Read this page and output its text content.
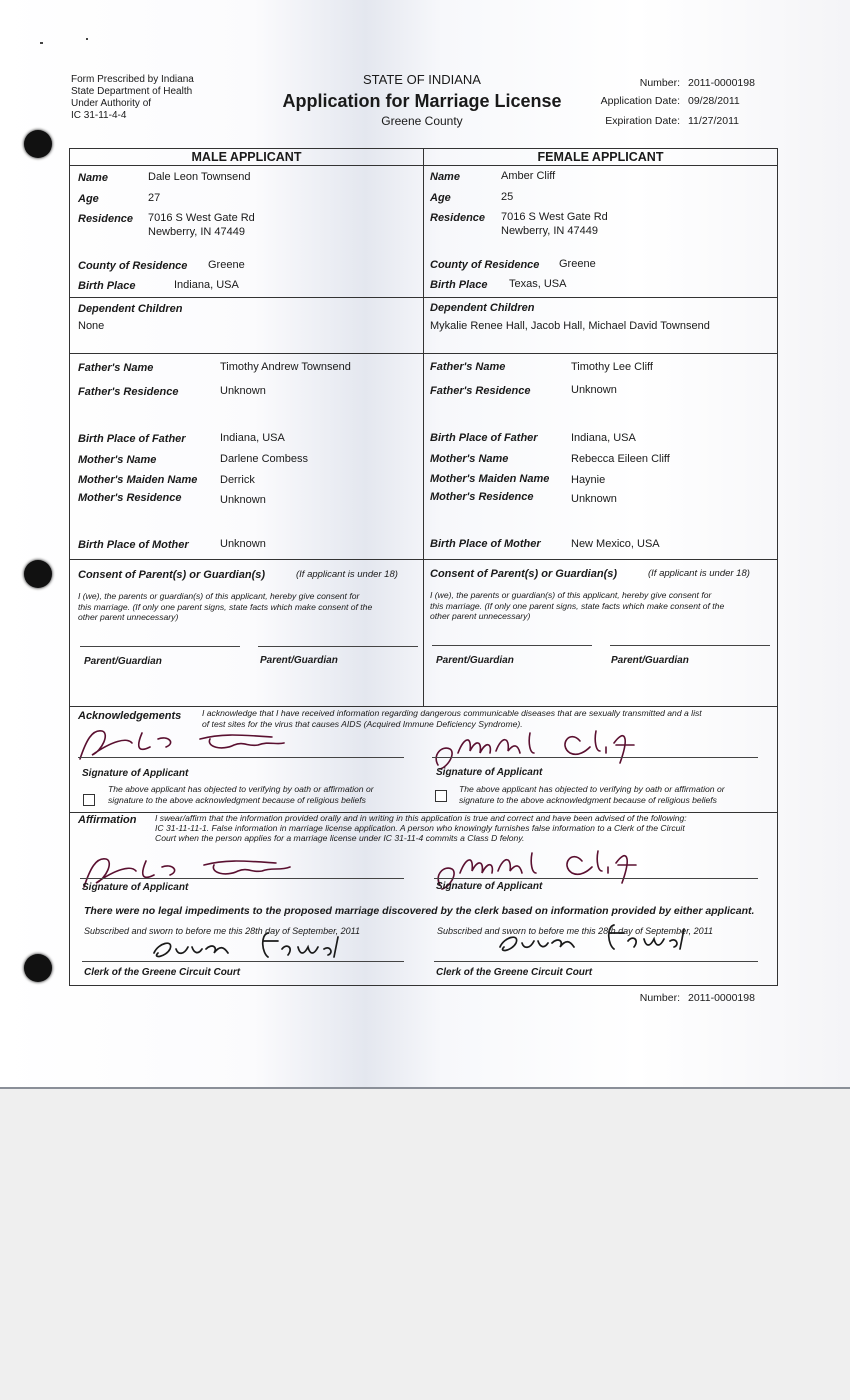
Form Prescribed by Indiana
State Department of Health
Under Authority of
IC 31-11-4-4
STATE OF INDIANA
Application for Marriage License
Greene County
Number: 2011-0000198
Application Date: 09/28/2011
Expiration Date: 11/27/2011
MALE APPLICANT	FEMALE APPLICANT
Name	Dale Leon Townsend
Age	27
Residence 7016 S West Gate Rd
Newberry, IN 47449
County of Residence Greene
Birth Place	Indiana, USA
Name	Amber Cliff
Age	25
Residence 7016 S West Gate Rd
Newberry, IN 47449
County of Residence Greene
Birth Place Texas, USA
Dependent Children
None
Dependent Children
Mykalie Renee Hall, Jacob Hall, Michael David Townsend
Father's Name	Timothy Andrew Townsend
Father's Residence	Unknown
Birth Place of Father	Indiana, USA
Mother's Name	Darlene Combess
Mother's Maiden Name Derrick
Mother's Residence	Unknown
Birth Place of Mother	Unknown
Father's Name	Timothy Lee Cliff
Father's Residence	Unknown
Birth Place of Father	Indiana, USA
Mother's Name	Rebecca Eileen Cliff
Mother's Maiden Name Haynie
Mother's Residence	Unknown
Birth Place of Mother	New Mexico, USA
Consent of Parent(s) or Guardian(s)	(If applicant is under 18)
I (we), the parents or guardian(s) of this applicant, hereby give consent for
this marriage. (If only one parent signs, state facts which make consent of the
other parent unnecessary)
Parent/Guardian	Parent/Guardian
Consent of Parent(s) or Guardian(s)	(If applicant is under 18)
I (we), the parents or guardian(s) of this applicant, hereby give consent for
this marriage. (If only one parent signs, state facts which make consent of the
other parent unnecessary)
Parent/Guardian	Parent/Guardian
Acknowledgements I acknowledge that I have received information regarding dangerous communicable diseases that are sexually transmitted and a list
of test sites for the virus that causes AIDS (Acquired Immune Deficiency Syndrome).
Signature of Applicant	Signature of Applicant
The above applicant has objected to verifying by oath or affirmation or
signature to the above acknowledgment because of religious beliefs
The above applicant has objected to verifying by oath or affirmation or
signature to the above acknowledgment because of religious beliefs
Affirmation I swear/affirm that the information provided orally and in writing in this application is true and correct and have been advised of the following:
IC 31-11-11-1. False information in marriage license application. A person who knowingly furnishes false information to a Clerk of the Circuit
Court when the person applies for a marriage license under IC 31-11-4 commits a Class D felony.
Signature of Applicant	Signature of Applicant
There were no legal impediments to the proposed marriage discovered by the clerk based on information provided by either applicant.
Subscribed and sworn to before me this 28th day of September, 2011	Subscribed and sworn to before me this 28th day of September, 2011
Clerk of the Greene Circuit Court	Clerk of the Greene Circuit Court
Number: 2011-0000198
